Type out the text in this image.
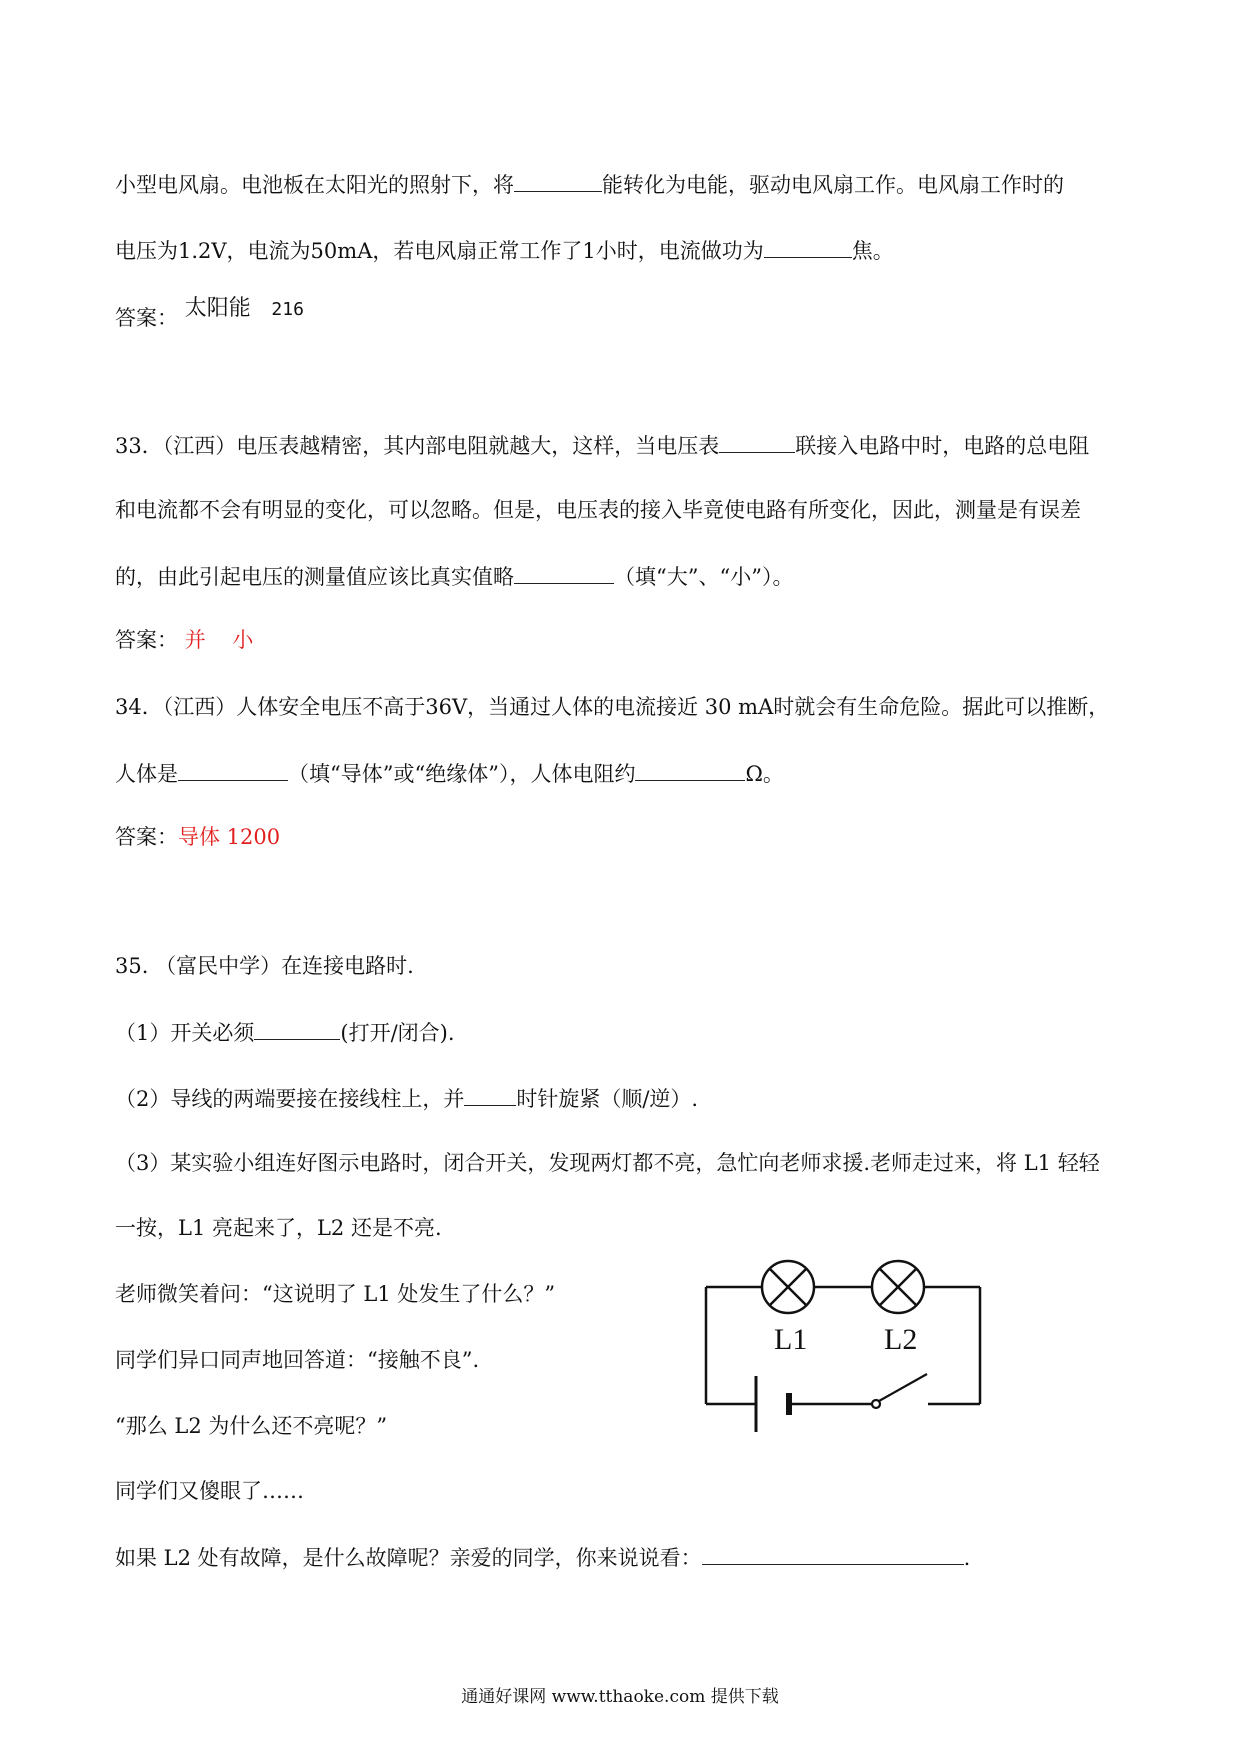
小型电风扇。电池板在太阳光的照射下，将	能转化为电能，驱动电风扇工作。电风扇工作时的
电压为1.2V，电流为50mA，若电风扇正常工作了1小时，电流做功为	焦。
答案： 太阳能 216
33．（江西）电压表越精密，其内部电阻就越大，这样，当电压表	联接入电路中时，电路的总电阻
和电流都不会有明显的变化，可以忽略。但是，电压表的接入毕竟使电路有所变化，因此，测量是有误差
的，由此引起电压的测量值应该比真实值略	（填“大”、“小”）。
答案： 并 小
34．（江西）人体安全电压不高于36V，当通过人体的电流接近 30 mA时就会有生命危险。据此可以推断，
人体是	（填“导体”或“绝缘体”），人体电阻约	Ω。
答案：导体 1200
35. （富民中学）在连接电路时.
（1）开关必须	(打开/闭合).
（2）导线的两端要接在接线柱上，并 时针旋紧（顺/逆）.
（3）某实验小组连好图示电路时，闭合开关，发现两灯都不亮，急忙向老师求援.老师走过来，将 L1 轻轻
一按，L1 亮起来了，L2 还是不亮.
老师微笑着问：“这说明了 L1 处发生了什么？”
同学们异口同声地回答道：“接触不良”.
“那么 L2 为什么还不亮呢？”
同学们又傻眼了……
如果 L2 处有故障，是什么故障呢？亲爱的同学，你来说说看：	.
L1	L2
通通好课网 www.tthaoke.com 提供下载
